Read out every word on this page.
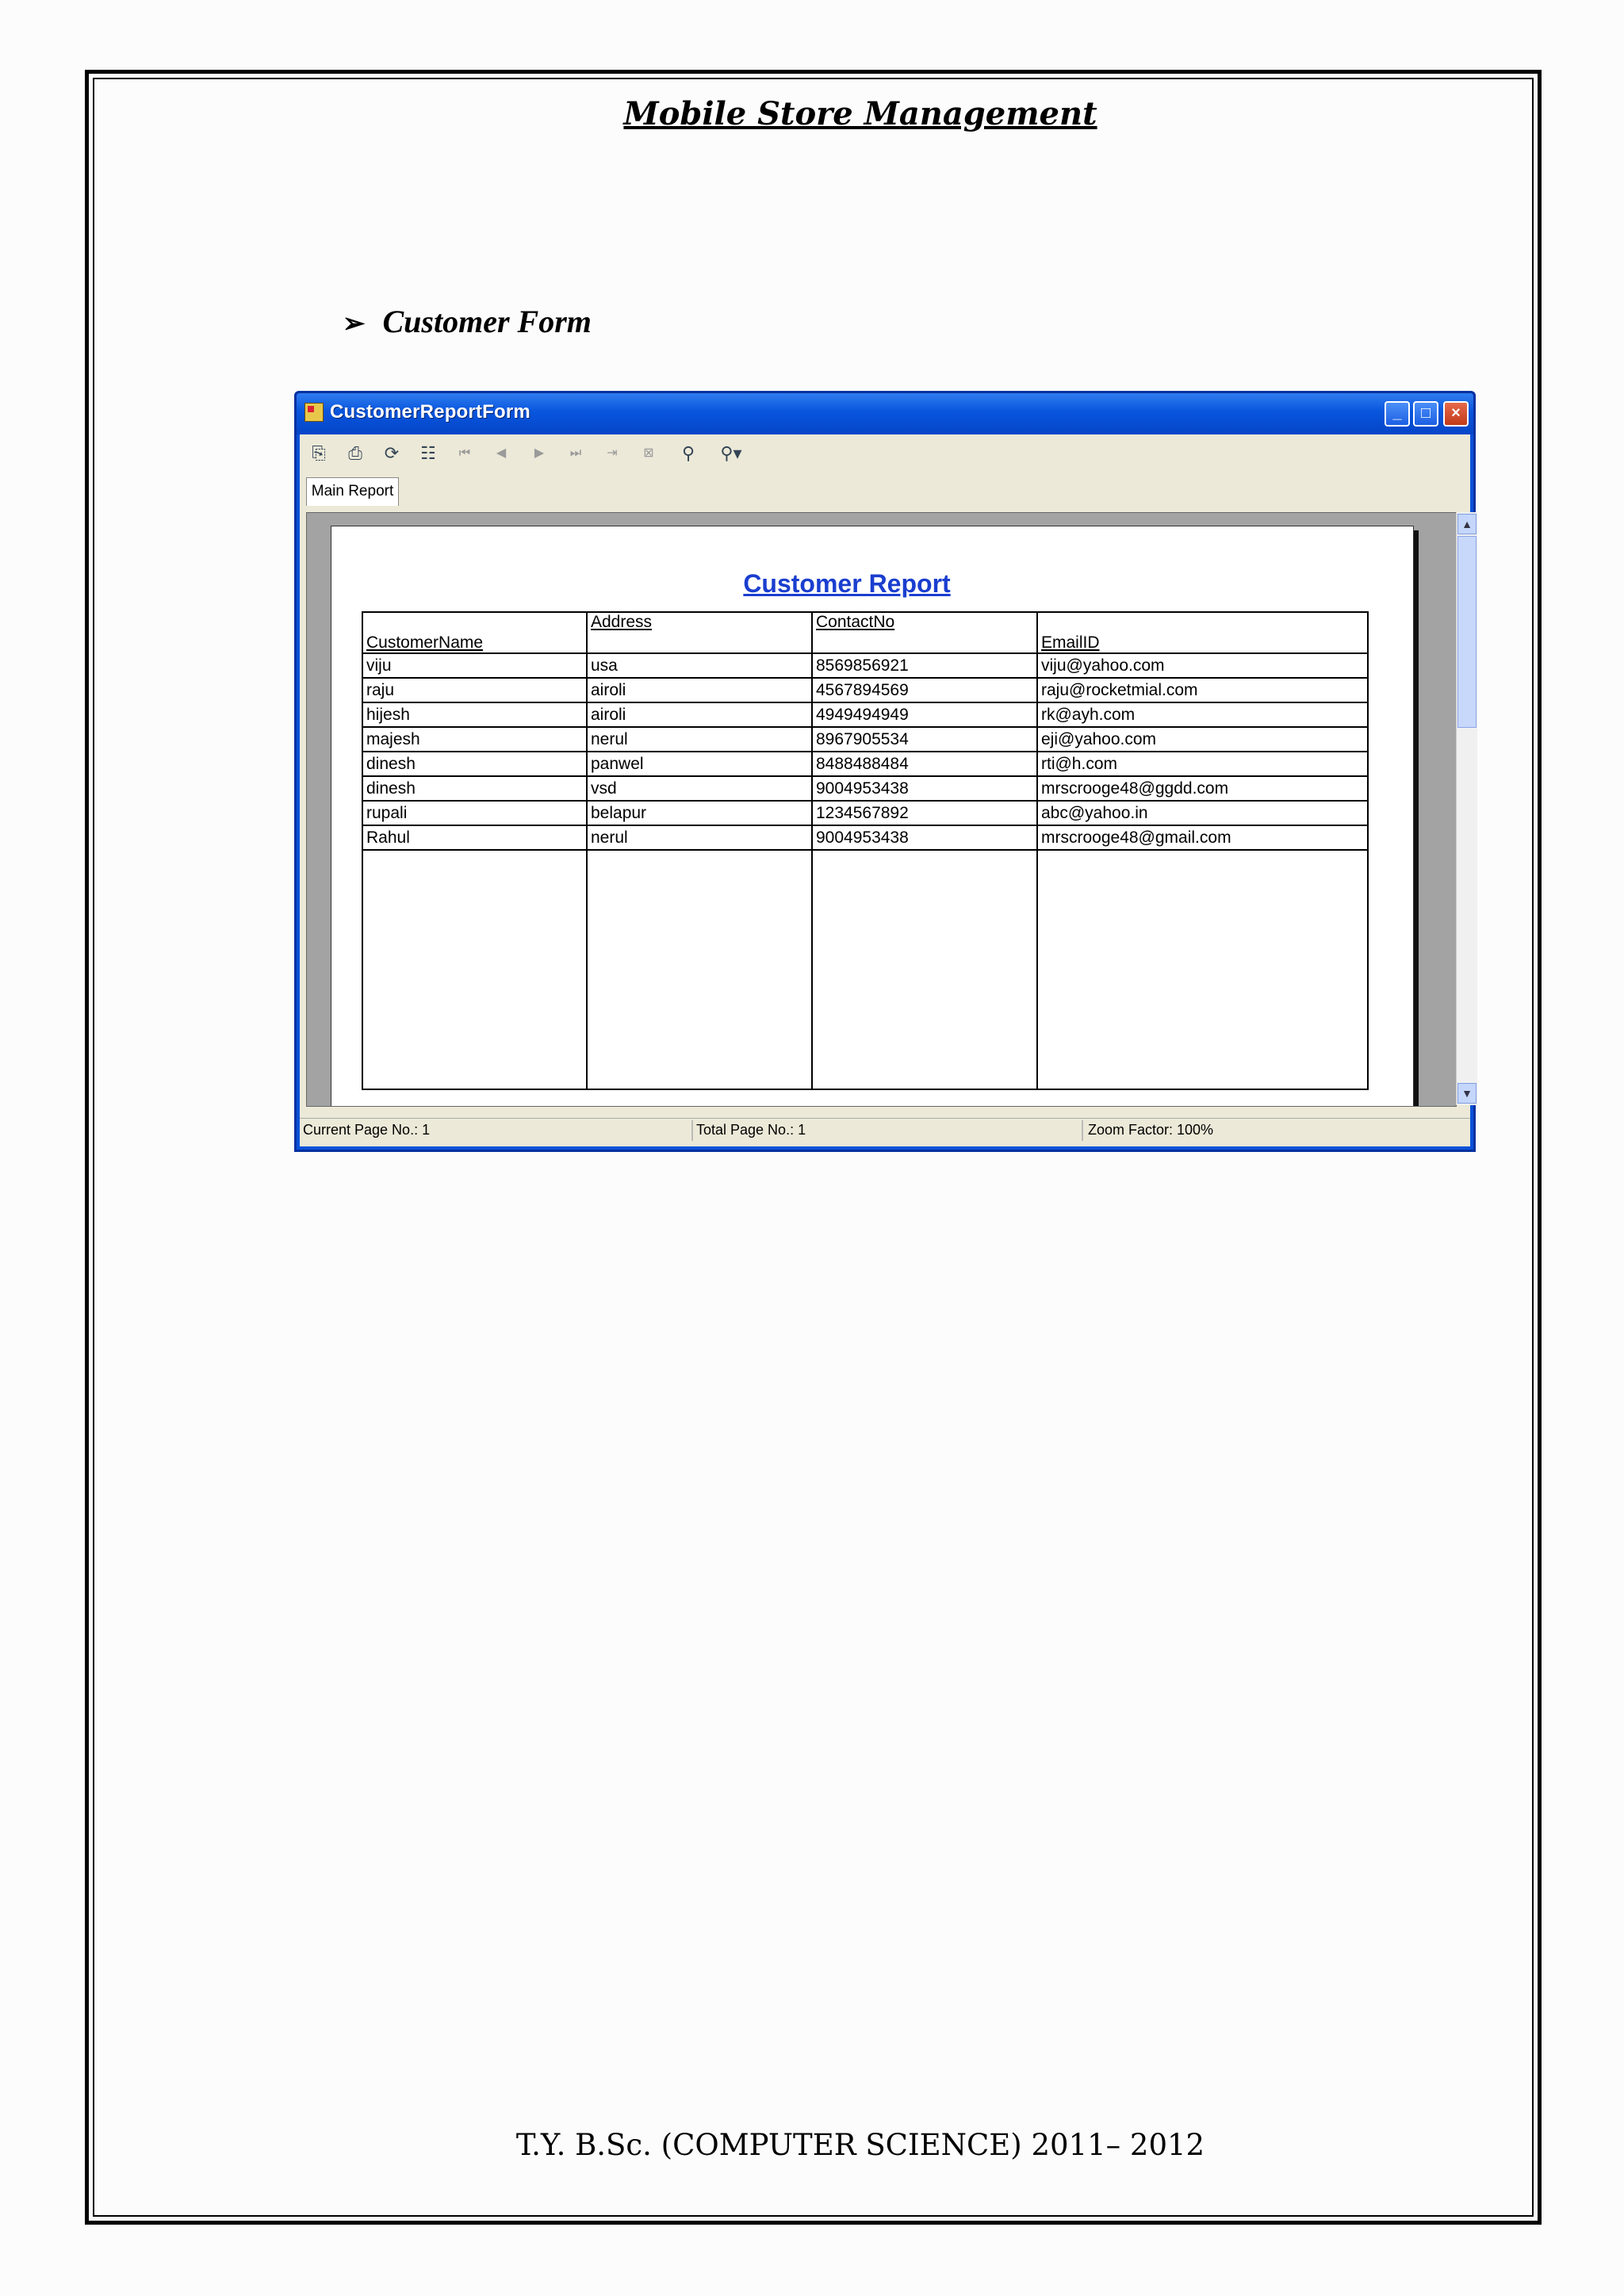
Mobile Store Management
➢ Customer Form
CustomerReportForm	_	□	×
⎘ ⎙ ⟳ ☷	⏮	◀	▶	⏭	⇥	⊠	⚲	⚲▾
Main Report
Customer Report
CustomerName	Address	ContactNo	EmailID
viju	usa	8569856921	viju@yahoo.com
raju	airoli	4567894569	raju@rocketmial.com
hijesh	airoli	4949494949	rk@ayh.com
majesh	nerul	8967905534	eji@yahoo.com
dinesh	panwel	8488488484	rti@h.com
dinesh	vsd	9004953438	mrscrooge48@ggdd.com
rupali	belapur	1234567892	abc@yahoo.in
Rahul	nerul	9004953438	mrscrooge48@gmail.com

▲
▼
Current Page No.: 1	Total Page No.: 1	Zoom Factor: 100%
T.Y. B.Sc. (COMPUTER SCIENCE) 2011– 2012
